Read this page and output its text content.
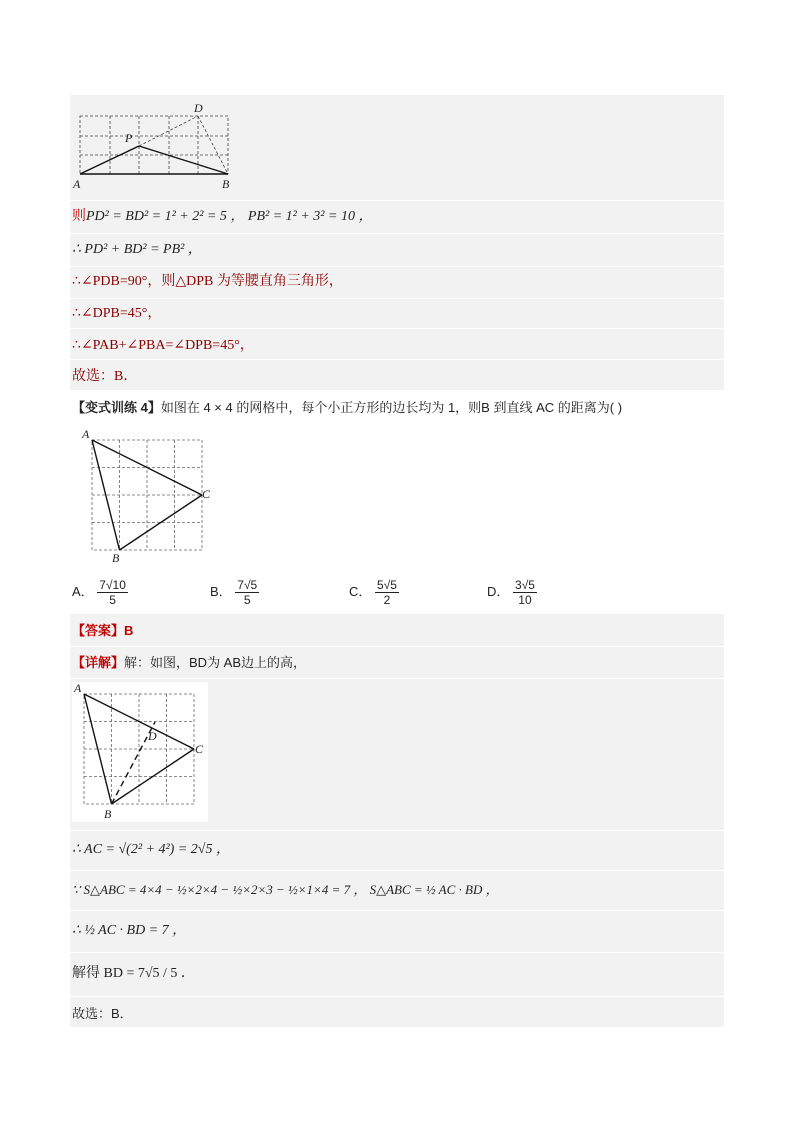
A	B
P
D
则PD² = BD² = 1² + 2² = 5 ， PB² = 1² + 3² = 10 ，
∴ PD² + BD² = PB² ，
∴∠PDB=90°，则△DPB 为等腰直角三角形，
∴∠DPB=45°，
∴∠PAB+∠PBA=∠DPB=45°，
故选：B．
【变式训练 4】如图在 4 × 4 的网格中，每个小正方形的边长均为 1，则B 到直线 AC 的距离为( )
A
B
C
A． $\frac{7√10}{5}$	B． $\frac{7√5}{5}$	C． $\frac{5√5}{2}$	D． $\frac{3√5}{10}$
【答案】B
【详解】解：如图，BD为 AB边上的高，
A
B
C
D
∴ AC = √(2² + 4²) = 2√5 ，
∵ S△ABC = 4×4 − ½×2×4 − ½×2×3 − ½×1×4 = 7 ， S△ABC = ½ AC · BD ，
∴ ½ AC · BD = 7 ，
解得 BD = 7√5 / 5 ．
故选：B．
